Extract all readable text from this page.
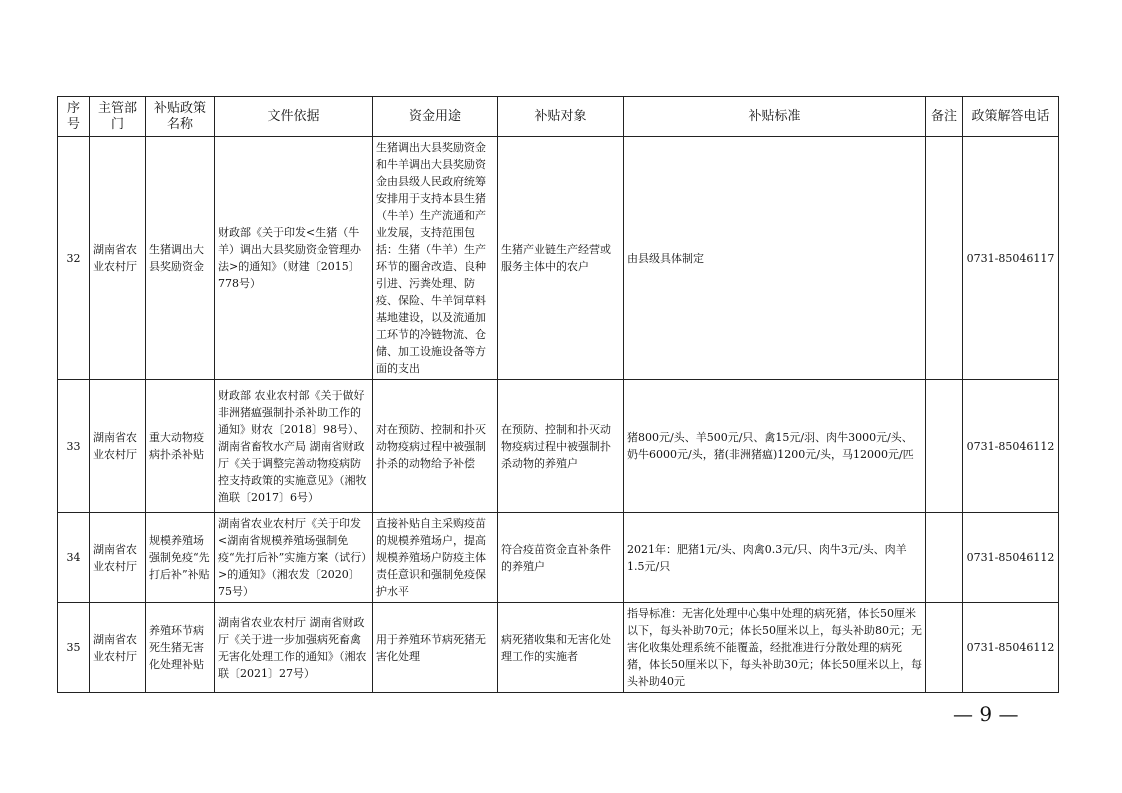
序号	主管部门	补贴政策名称	文件依据	资金用途	补贴对象	补贴标准	备注	政策解答电话
32	湖南省农业农村厅	生猪调出大县奖励资金	财政部《关于印发<生猪（牛羊）调出大县奖励资金管理办法>的通知》（财建〔2015〕778号）	生猪调出大县奖励资金和牛羊调出大县奖励资金由县级人民政府统筹安排用于支持本县生猪（牛羊）生产流通和产业发展，支持范围包括：生猪（牛羊）生产环节的圈舍改造、良种引进、污粪处理、防疫、保险、牛羊饲草料基地建设，以及流通加工环节的冷链物流、仓储、加工设施设备等方面的支出	生猪产业链生产经营或服务主体中的农户	由县级具体制定		0731-85046117
33	湖南省农业农村厅	重大动物疫病扑杀补贴	财政部 农业农村部《关于做好非洲猪瘟强制扑杀补助工作的通知》财农〔2018〕98号）、湖南省畜牧水产局 湖南省财政厅《关于调整完善动物疫病防控支持政策的实施意见》（湘牧渔联〔2017〕6号）	对在预防、控制和扑灭动物疫病过程中被强制扑杀的动物给予补偿	在预防、控制和扑灭动物疫病过程中被强制扑杀动物的养殖户	猪800元/头、羊500元/只、禽15元/羽、肉牛3000元/头、奶牛6000元/头，猪(非洲猪瘟)1200元/头，马12000元/匹		0731-85046112
34	湖南省农业农村厅	规模养殖场强制免疫“先打后补”补贴	湖南省农业农村厅《关于印发<湖南省规模养殖场强制免疫“先打后补”实施方案（试行）>的通知》（湘农发〔2020〕75号）	直接补贴自主采购疫苗的规模养殖场户，提高规模养殖场户防疫主体责任意识和强制免疫保护水平	符合疫苗资金直补条件的养殖户	2021年：肥猪1元/头、肉禽0.3元/只、肉牛3元/头、肉羊1.5元/只		0731-85046112
35	湖南省农业农村厅	养殖环节病死生猪无害化处理补贴	湖南省农业农村厅 湖南省财政厅《关于进一步加强病死畜禽无害化处理工作的通知》（湘农联〔2021〕27号）	用于养殖环节病死猪无害化处理	病死猪收集和无害化处理工作的实施者	指导标准：无害化处理中心集中处理的病死猪，体长50厘米以下，每头补助70元；体长50厘米以上，每头补助80元；无害化收集处理系统不能覆盖，经批准进行分散处理的病死猪，体长50厘米以下，每头补助30元；体长50厘米以上，每头补助40元		0731-85046112
— 9 —
